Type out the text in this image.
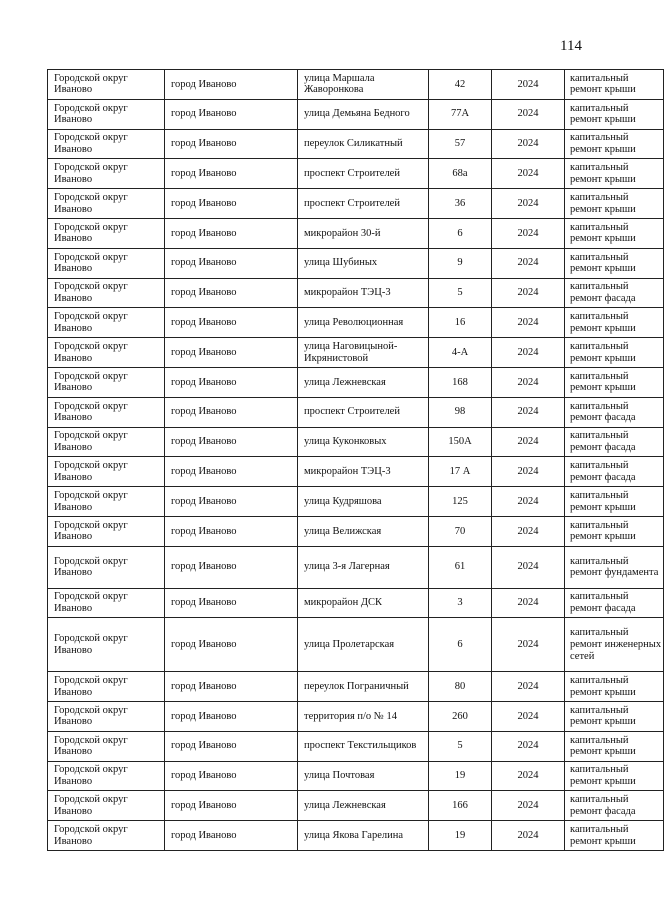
114
Городской округ Иваново	город Иваново	улица Маршала Жаворонкова	42	2024	капитальный ремонт крыши
Городской округ Иваново	город Иваново	улица Демьяна Бедного	77А	2024	капитальный ремонт крыши
Городской округ Иваново	город Иваново	переулок Силикатный	57	2024	капитальный ремонт крыши
Городской округ Иваново	город Иваново	проспект Строителей	68а	2024	капитальный ремонт крыши
Городской округ Иваново	город Иваново	проспект Строителей	36	2024	капитальный ремонт крыши
Городской округ Иваново	город Иваново	микрорайон 30-й	6	2024	капитальный ремонт крыши
Городской округ Иваново	город Иваново	улица Шубиных	9	2024	капитальный ремонт крыши
Городской округ Иваново	город Иваново	микрорайон ТЭЦ-3	5	2024	капитальный ремонт фасада
Городской округ Иваново	город Иваново	улица Революционная	16	2024	капитальный ремонт крыши
Городской округ Иваново	город Иваново	улица Наговицыной-Икрянистовой	4-А	2024	капитальный ремонт крыши
Городской округ Иваново	город Иваново	улица Лежневская	168	2024	капитальный ремонт крыши
Городской округ Иваново	город Иваново	проспект Строителей	98	2024	капитальный ремонт фасада
Городской округ Иваново	город Иваново	улица Куконковых	150А	2024	капитальный ремонт фасада
Городской округ Иваново	город Иваново	микрорайон ТЭЦ-3	17 А	2024	капитальный ремонт фасада
Городской округ Иваново	город Иваново	улица Кудряшова	125	2024	капитальный ремонт крыши
Городской округ Иваново	город Иваново	улица Велижская	70	2024	капитальный ремонт крыши
Городской округ Иваново	город Иваново	улица 3-я Лагерная	61	2024	капитальный ремонт фундамента
Городской округ Иваново	город Иваново	микрорайон ДСК	3	2024	капитальный ремонт фасада
Городской округ Иваново	город Иваново	улица Пролетарская	6	2024	капитальный ремонт инженерных сетей
Городской округ Иваново	город Иваново	переулок Пограничный	80	2024	капитальный ремонт крыши
Городской округ Иваново	город Иваново	территория п/о № 14	260	2024	капитальный ремонт крыши
Городской округ Иваново	город Иваново	проспект Текстильщиков	5	2024	капитальный ремонт крыши
Городской округ Иваново	город Иваново	улица Почтовая	19	2024	капитальный ремонт крыши
Городской округ Иваново	город Иваново	улица Лежневская	166	2024	капитальный ремонт фасада
Городской округ Иваново	город Иваново	улица Якова Гарелина	19	2024	капитальный ремонт крыши
